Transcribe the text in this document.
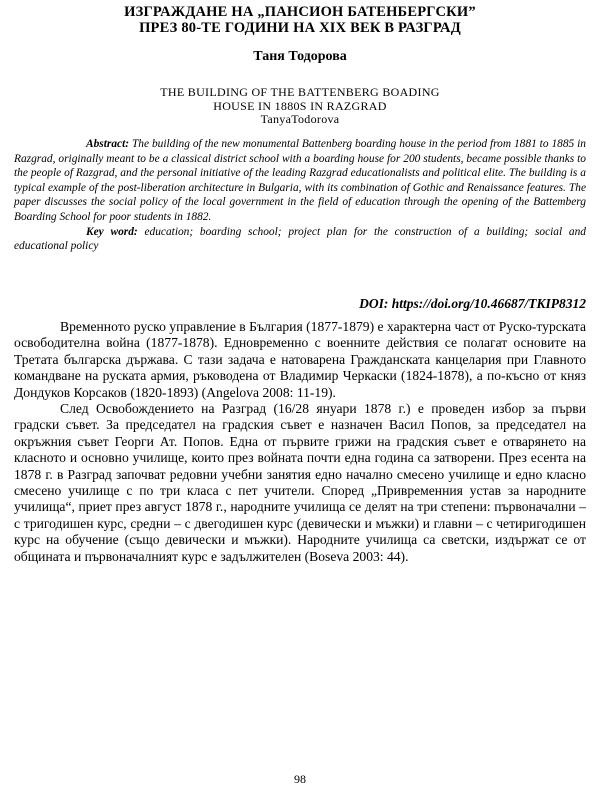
ИЗГРАЖДАНЕ НА „ПАНСИОН БАТЕНБЕРГСКИ”
ПРЕЗ 80-ТЕ ГОДИНИ НА XIX ВЕК В РАЗГРАД
Таня Тодорова
THE BUILDING OF THE BATTENBERG BOADING
HOUSE IN 1880S IN RAZGRAD
TanyaTodorova

Abstract: The building of the new monumental Battenberg boarding house in the period from 1881 to 1885 in Razgrad, originally meant to be a classical district school with a boarding house for 200 students, became possible thanks to the people of Razgrad, and the personal initiative of the leading Razgrad educationalists and political elite. The building is a typical example of the post-liberation architecture in Bulgaria, with its combination of Gothic and Renaissance features. The paper discusses the social policy of the local government in the field of education through the opening of the Battemberg Boarding School for poor students in 1882.

Key word: education; boarding school; project plan for the construction of a building; social and educational policy

DOI: https://doi.org/10.46687/TKIP8312

Временното руско управление в България (1877-1879) е характерна част от Руско-турската освободителна война (1877-1878). Едновременно с военните действия се полагат основите на Третата българска държава. С тази задача е натоварена Гражданската канцелария при Главното командване на руската армия, ръководена от Владимир Черкаски (1824-1878), а по-късно от княз Дондуков Корсаков (1820-1893) (Angelova 2008: 11-19).

След Освобождението на Разград (16/28 януари 1878 г.) е проведен избор за първи градски съвет. За председател на градския съвет е назначен Васил Попов, за председател на окръжния съвет Георги Ат. Попов. Една от първите грижи на градския съвет е отварянето на класното и основно училище, които през войната почти една година са затворени. През есента на 1878 г. в Разград започват редовни учебни занятия едно начално смесено училище и едно класно смесено училище с по три класа с пет учители. Според „Привременния устав за народните училища“, приет през август 1878 г., народните училища се делят на три степени: първоначални – с тригодишен курс, средни – с двегодишен курс (девически и мъжки) и главни – с четиригодишен курс на обучение (също девически и мъжки). Народните училища са светски, издържат се от общината и първоначалният курс е задължителен (Boseva 2003: 44).

98
